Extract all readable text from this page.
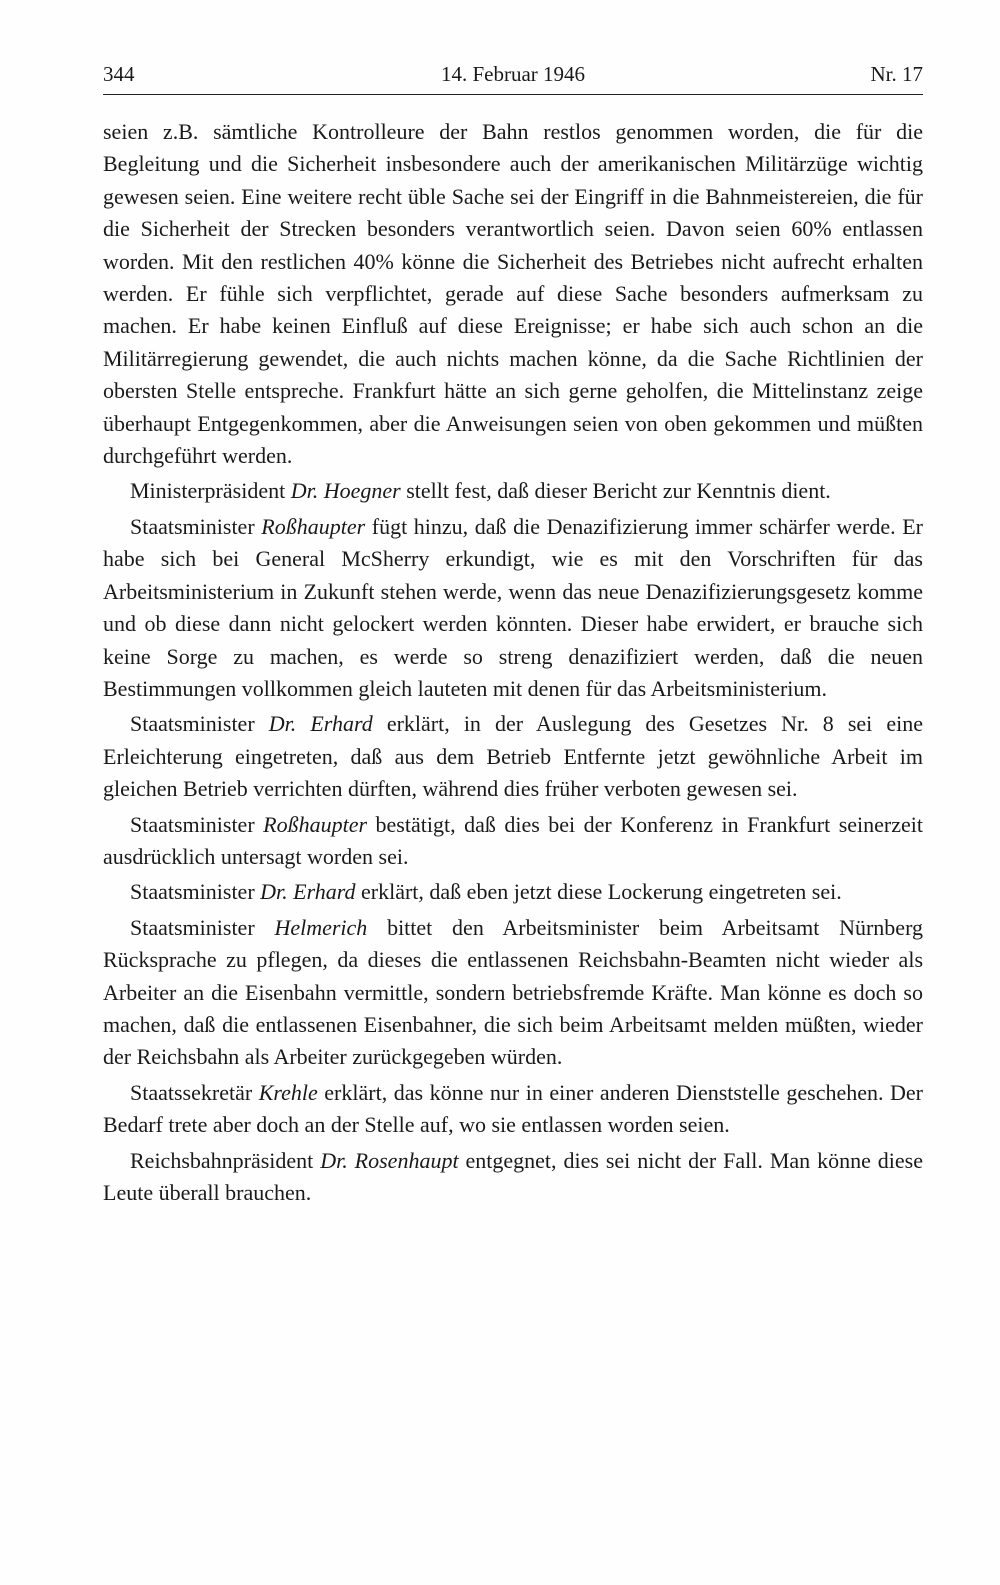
344	14. Februar 1946	Nr. 17

seien z.B. sämtliche Kontrolleure der Bahn restlos genommen worden, die für die Begleitung und die Sicherheit insbesondere auch der amerikanischen Militärzüge wichtig gewesen seien. Eine weitere recht üble Sache sei der Eingriff in die Bahnmeistereien, die für die Sicherheit der Strecken besonders verantwortlich seien. Davon seien 60% entlassen worden. Mit den restlichen 40% könne die Sicherheit des Betriebes nicht aufrecht erhalten werden. Er fühle sich verpflichtet, gerade auf diese Sache besonders aufmerksam zu machen. Er habe keinen Einfluß auf diese Ereignisse; er habe sich auch schon an die Militärregierung gewendet, die auch nichts machen könne, da die Sache Richtlinien der obersten Stelle entspreche. Frankfurt hätte an sich gerne geholfen, die Mittelinstanz zeige überhaupt Entgegenkommen, aber die Anweisungen seien von oben gekommen und müßten durchgeführt werden.

Ministerpräsident Dr. Hoegner stellt fest, daß dieser Bericht zur Kenntnis dient.

Staatsminister Roßhaupter fügt hinzu, daß die Denazifizierung immer schärfer werde. Er habe sich bei General McSherry erkundigt, wie es mit den Vorschriften für das Arbeitsministerium in Zukunft stehen werde, wenn das neue Denazifizierungsgesetz komme und ob diese dann nicht gelockert werden könnten. Dieser habe erwidert, er brauche sich keine Sorge zu machen, es werde so streng denazifiziert werden, daß die neuen Bestimmungen vollkommen gleich lauteten mit denen für das Arbeitsministerium.

Staatsminister Dr. Erhard erklärt, in der Auslegung des Gesetzes Nr. 8 sei eine Erleichterung eingetreten, daß aus dem Betrieb Entfernte jetzt gewöhnliche Arbeit im gleichen Betrieb verrichten dürften, während dies früher verboten gewesen sei.

Staatsminister Roßhaupter bestätigt, daß dies bei der Konferenz in Frankfurt seinerzeit ausdrücklich untersagt worden sei.

Staatsminister Dr. Erhard erklärt, daß eben jetzt diese Lockerung eingetreten sei.

Staatsminister Helmerich bittet den Arbeitsminister beim Arbeitsamt Nürnberg Rücksprache zu pflegen, da dieses die entlassenen Reichsbahn-Beamten nicht wieder als Arbeiter an die Eisenbahn vermittle, sondern betriebsfremde Kräfte. Man könne es doch so machen, daß die entlassenen Eisenbahner, die sich beim Arbeitsamt melden müßten, wieder der Reichsbahn als Arbeiter zurückgegeben würden.

Staatssekretär Krehle erklärt, das könne nur in einer anderen Dienststelle geschehen. Der Bedarf trete aber doch an der Stelle auf, wo sie entlassen worden seien.

Reichsbahnpräsident Dr. Rosenhaupt entgegnet, dies sei nicht der Fall. Man könne diese Leute überall brauchen.
